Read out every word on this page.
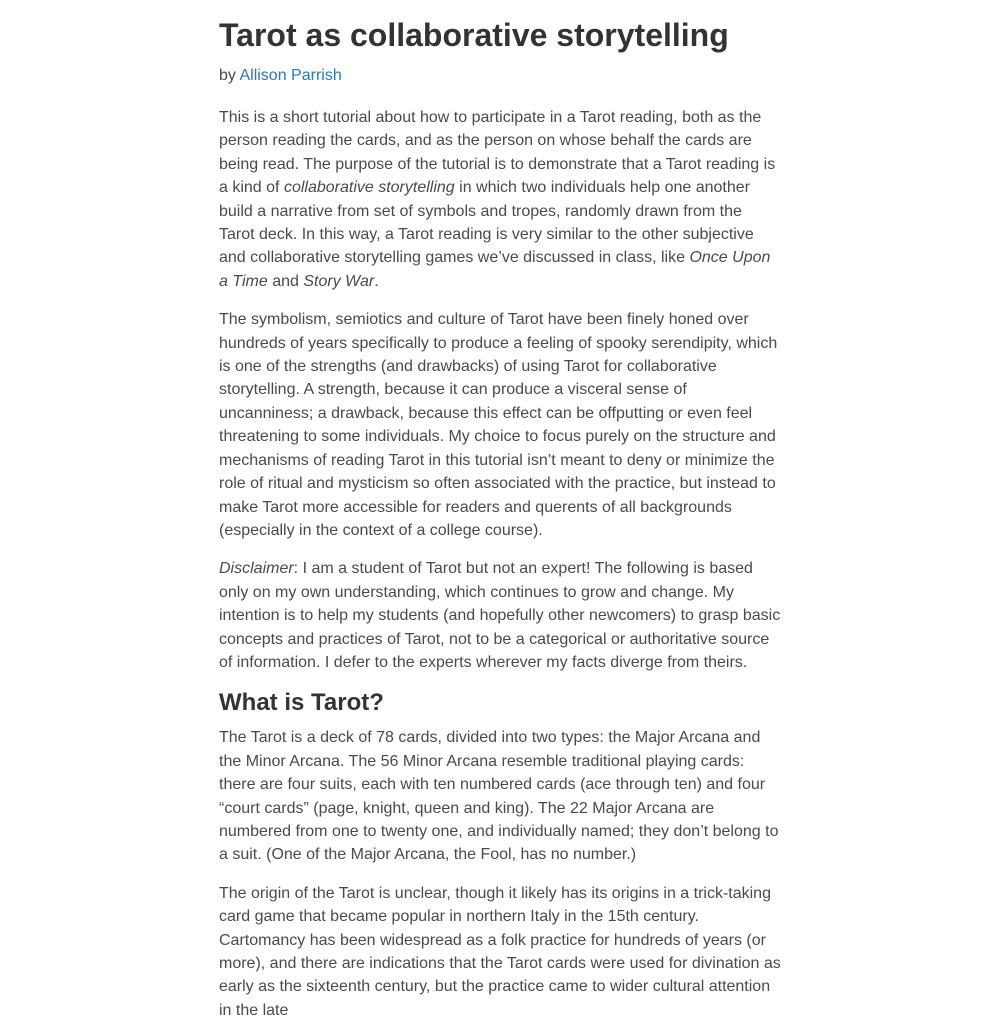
Tarot as collaborative storytelling
by Allison Parrish

This is a short tutorial about how to participate in a Tarot reading, both as the person reading the cards, and as the person on whose behalf the cards are being read. The purpose of the tutorial is to demonstrate that a Tarot reading is a kind of collaborative storytelling in which two individuals help one another build a narrative from set of symbols and tropes, randomly drawn from the Tarot deck. In this way, a Tarot reading is very similar to the other subjective and collaborative storytelling games we’ve discussed in class, like Once Upon a Time and Story War.

The symbolism, semiotics and culture of Tarot have been finely honed over hundreds of years specifically to produce a feeling of spooky serendipity, which is one of the strengths (and drawbacks) of using Tarot for collaborative storytelling. A strength, because it can produce a visceral sense of uncanniness; a drawback, because this effect can be offputting or even feel threatening to some individuals. My choice to focus purely on the structure and mechanisms of reading Tarot in this tutorial isn’t meant to deny or minimize the role of ritual and mysticism so often associated with the practice, but instead to make Tarot more accessible for readers and querents of all backgrounds (especially in the context of a college course).

Disclaimer: I am a student of Tarot but not an expert! The following is based only on my own understanding, which continues to grow and change. My intention is to help my students (and hopefully other newcomers) to grasp basic concepts and practices of Tarot, not to be a categorical or authoritative source of information. I defer to the experts wherever my facts diverge from theirs.

What is Tarot?

The Tarot is a deck of 78 cards, divided into two types: the Major Arcana and the Minor Arcana. The 56 Minor Arcana resemble traditional playing cards: there are four suits, each with ten numbered cards (ace through ten) and four “court cards” (page, knight, queen and king). The 22 Major Arcana are numbered from one to twenty one, and individually named; they don’t belong to a suit. (One of the Major Arcana, the Fool, has no number.)

The origin of the Tarot is unclear, though it likely has its origins in a trick-taking card game that became popular in northern Italy in the 15th century. Cartomancy has been widespread as a folk practice for hundreds of years (or more), and there are indications that the Tarot cards were used for divination as early as the sixteenth century, but the practice came to wider cultural attention in the late
